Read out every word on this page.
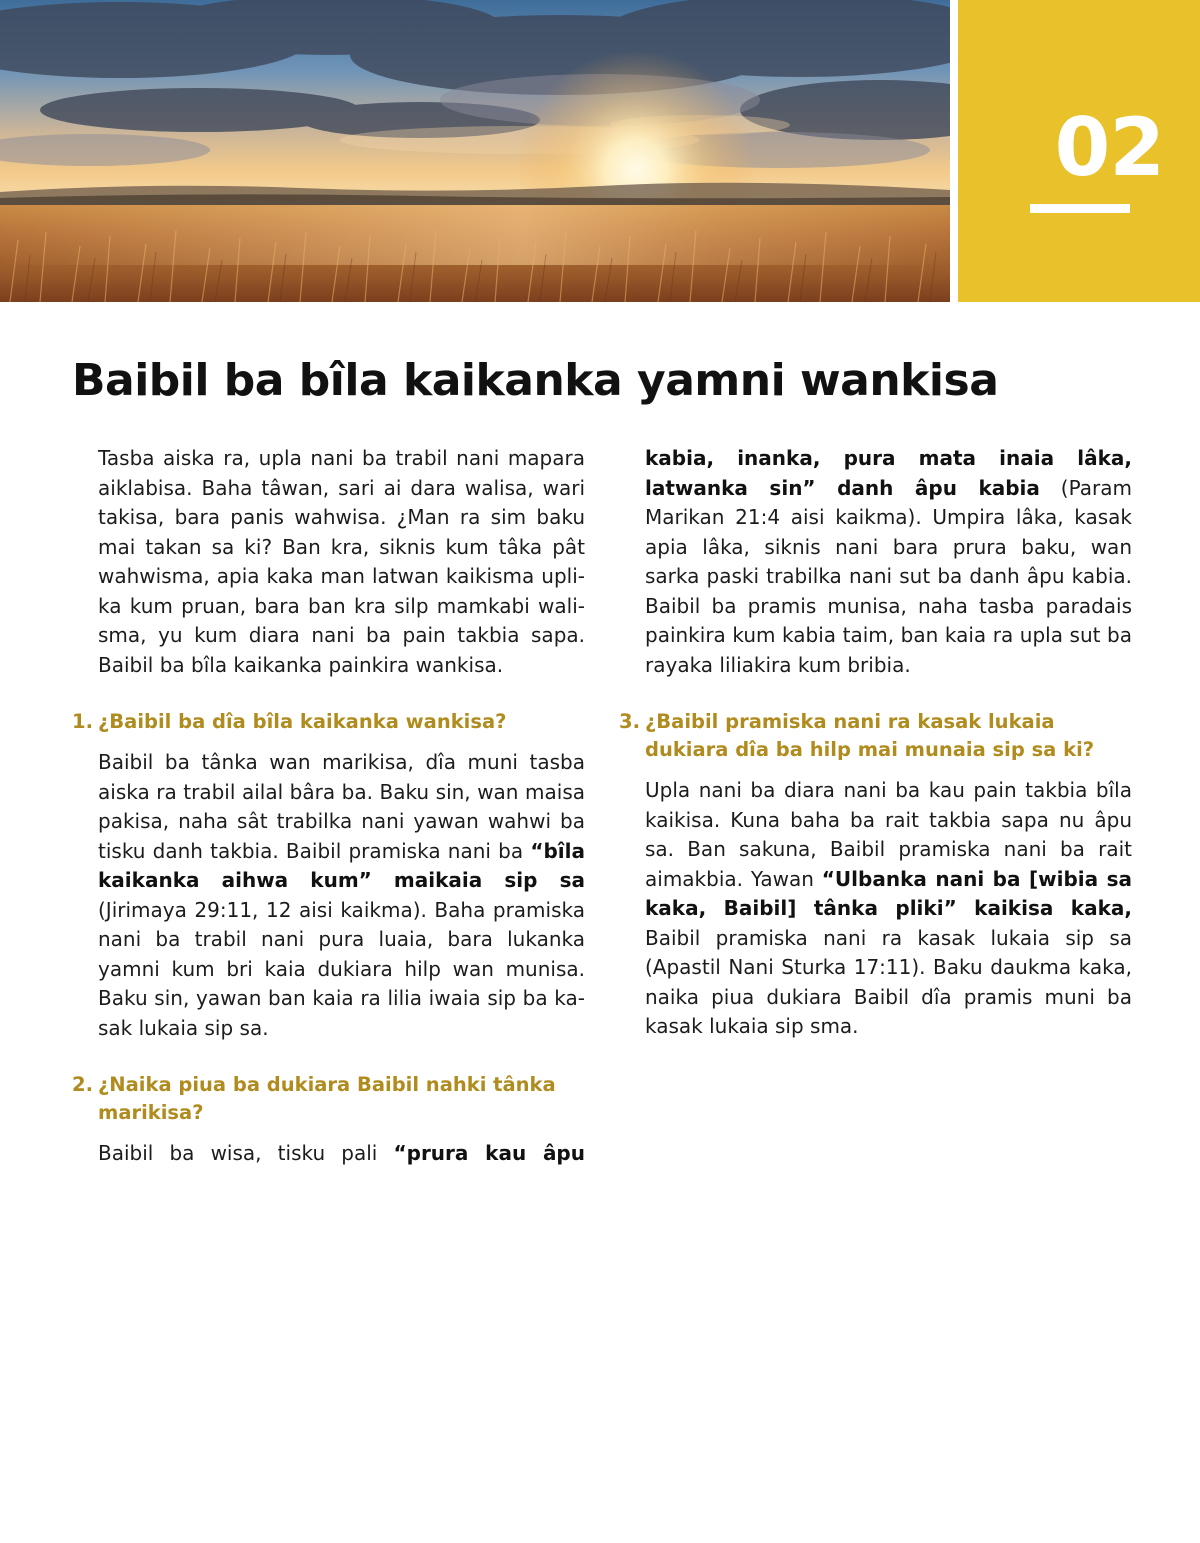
02
Baibil ba bîla kaikanka yamni wankisa

Tasba aiska ra, upla nani ba trabil nani mapara aiklabisa. Baha tâwan, sari ai dara walisa, wari takisa, bara panis wahwisa. ¿Man ra sim baku mai takan sa ki? Ban kra, siknis kum tâka pât wahwisma, apia kaka man latwan kaikisma uplika kum pruan, bara ban kra silp mamkabi walisma, yu kum diara nani ba pain takbia sapa. Baibil ba bîla kaikanka painkira wankisa.

1. ¿Baibil ba dîa bîla kaikanka wankisa?

Baibil ba tânka wan marikisa, dîa muni tasba aiska ra trabil ailal bâra ba. Baku sin, wan maisa pakisa, naha sât trabilka nani yawan wahwi ba tisku danh takbia. Baibil pramiska nani ba “bîla kaikanka aihwa kum” maikaia sip sa (Jirimaya 29:11, 12 aisi kaikma). Baha pramiska nani ba trabil nani pura luaia, bara lukanka yamni kum bri kaia dukiara hilp wan munisa. Baku sin, yawan ban kaia ra lilia iwaia sip ba kasak lukaia sip sa.

2. ¿Naika piua ba dukiara Baibil nahki tânka marikisa?

Baibil ba wisa, tisku pali “prura kau âpu

kabia, inanka, pura mata inaia lâka, latwanka sin” danh âpu kabia (Param Marikan 21:4 aisi kaikma). Umpira lâka, kasak apia lâka, siknis nani bara prura baku, wan sarka paski trabilka nani sut ba danh âpu kabia. Baibil ba pramis munisa, naha tasba paradais painkira kum kabia taim, ban kaia ra upla sut ba rayaka liliakira kum bribia.

3. ¿Baibil pramiska nani ra kasak lukaia dukiara dîa ba hilp mai munaia sip sa ki?

Upla nani ba diara nani ba kau pain takbia bîla kaikisa. Kuna baha ba rait takbia sapa nu âpu sa. Ban sakuna, Baibil pramiska nani ba rait aimakbia. Yawan “Ulbanka nani ba [wibia sa kaka, Baibil] tânka pliki” kaikisa kaka, Baibil pramiska nani ra kasak lukaia sip sa (Apastil Nani Sturka 17:11). Baku daukma kaka, naika piua dukiara Baibil dîa pramis muni ba kasak lukaia sip sma.
